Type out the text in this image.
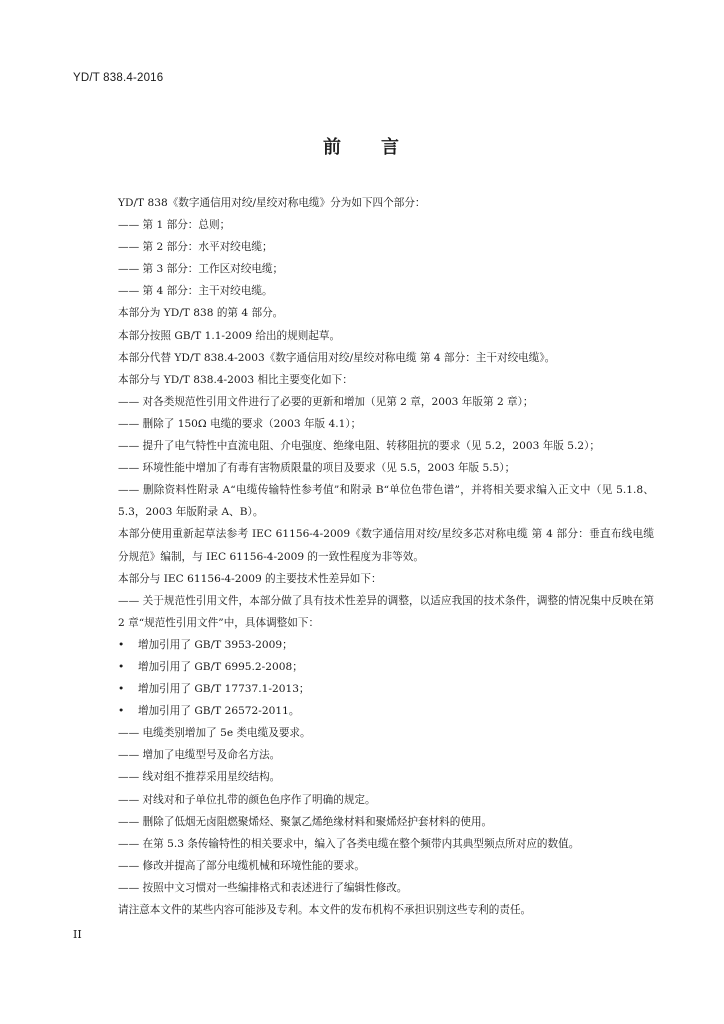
YD/T 838.4-2016
前 言
YD/T 838《数字通信用对绞/星绞对称电缆》分为如下四个部分：
—— 第 1 部分：总则；
—— 第 2 部分：水平对绞电缆；
—— 第 3 部分：工作区对绞电缆；
—— 第 4 部分：主干对绞电缆。
本部分为 YD/T 838 的第 4 部分。
本部分按照 GB/T 1.1-2009 给出的规则起草。
本部分代替 YD/T 838.4-2003《数字通信用对绞/星绞对称电缆 第 4 部分：主干对绞电缆》。
本部分与 YD/T 838.4-2003 相比主要变化如下：
—— 对各类规范性引用文件进行了必要的更新和增加（见第 2 章，2003 年版第 2 章）；
—— 删除了 150Ω 电缆的要求（2003 年版 4.1）；
—— 提升了电气特性中直流电阻、介电强度、绝缘电阻、转移阻抗的要求（见 5.2，2003 年版 5.2）；
—— 环境性能中增加了有毒有害物质限量的项目及要求（见 5.5，2003 年版 5.5）；
—— 删除资料性附录 A“电缆传输特性参考值”和附录 B“单位色带色谱”，并将相关要求编入正文中（见 5.1.8、5.3，2003 年版附录 A、B）。
本部分使用重新起草法参考 IEC 61156-4-2009《数字通信用对绞/星绞多芯对称电缆 第 4 部分：垂直布线电缆 分规范》编制，与 IEC 61156-4-2009 的一致性程度为非等效。
本部分与 IEC 61156-4-2009 的主要技术性差异如下：
—— 关于规范性引用文件，本部分做了具有技术性差异的调整，以适应我国的技术条件，调整的情况集中反映在第 2 章“规范性引用文件”中，具体调整如下：
• 增加引用了 GB/T 3953-2009；
• 增加引用了 GB/T 6995.2-2008；
• 增加引用了 GB/T 17737.1-2013；
• 增加引用了 GB/T 26572-2011。
—— 电缆类别增加了 5e 类电缆及要求。
—— 增加了电缆型号及命名方法。
—— 线对组不推荐采用星绞结构。
—— 对线对和子单位扎带的颜色色序作了明确的规定。
—— 删除了低烟无卤阻燃聚烯烃、聚氯乙烯绝缘材料和聚烯烃护套材料的使用。
—— 在第 5.3 条传输特性的相关要求中，编入了各类电缆在整个频带内其典型频点所对应的数值。
—— 修改并提高了部分电缆机械和环境性能的要求。
—— 按照中文习惯对一些编排格式和表述进行了编辑性修改。
请注意本文件的某些内容可能涉及专利。本文件的发布机构不承担识别这些专利的责任。
II
